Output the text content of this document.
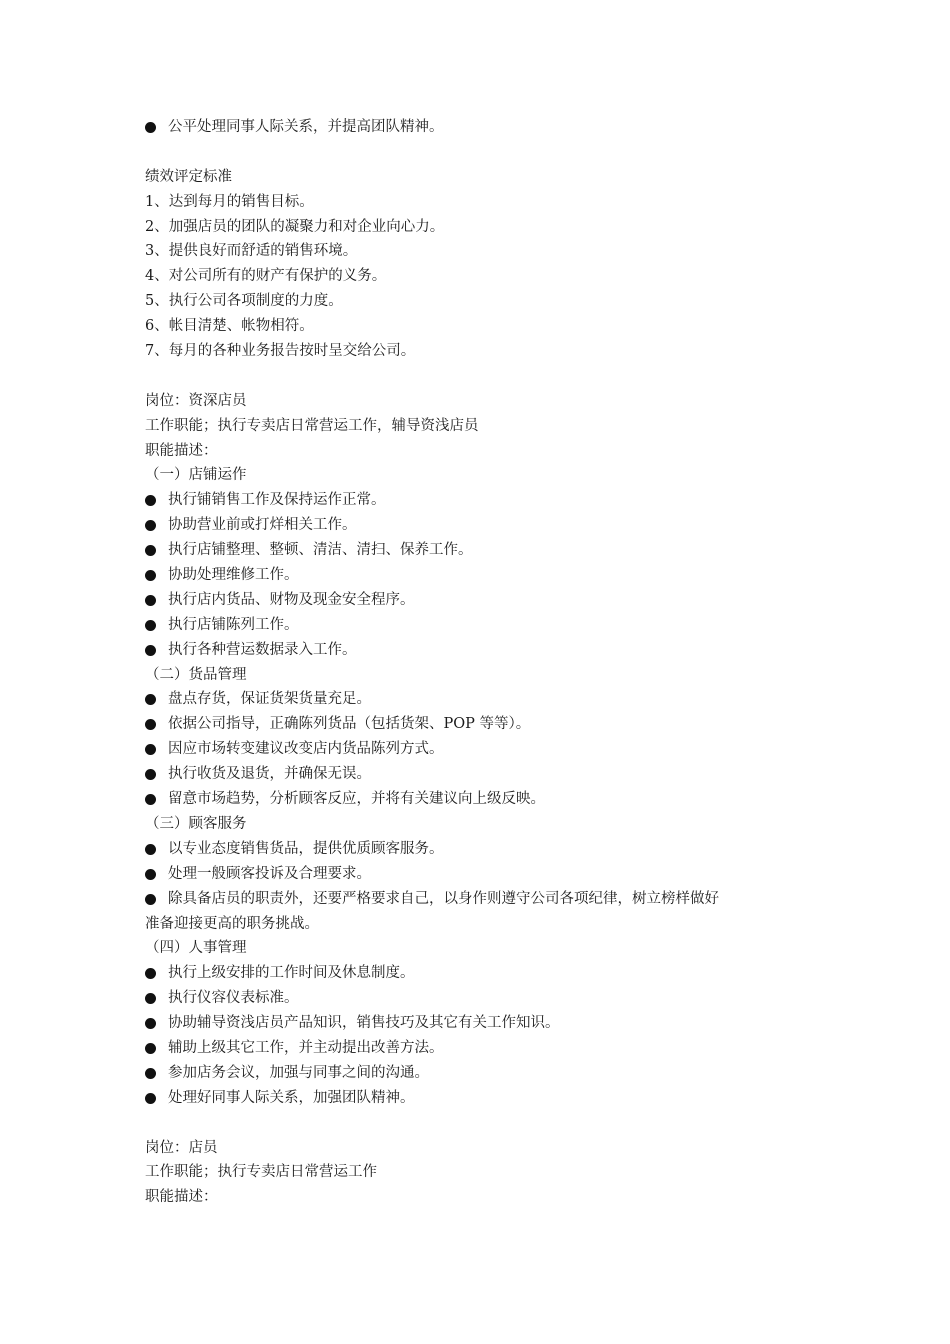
公平处理同事人际关系，并提高团队精神。
绩效评定标准
1、达到每月的销售目标。
2、加强店员的团队的凝聚力和对企业向心力。
3、提供良好而舒适的销售环境。
4、对公司所有的财产有保护的义务。
5、执行公司各项制度的力度。
6、帐目清楚、帐物相符。
7、每月的各种业务报告按时呈交给公司。
岗位：资深店员
工作职能；执行专卖店日常营运工作，辅导资浅店员
职能描述：
（一）店铺运作
执行铺销售工作及保持运作正常。
协助营业前或打烊相关工作。
执行店铺整理、整顿、清洁、清扫、保养工作。
协助处理维修工作。
执行店内货品、财物及现金安全程序。
执行店铺陈列工作。
执行各种营运数据录入工作。
（二）货品管理
盘点存货，保证货架货量充足。
依据公司指导，正确陈列货品（包括货架、POP 等等）。
因应市场转变建议改变店内货品陈列方式。
执行收货及退货，并确保无误。
留意市场趋势，分析顾客反应，并将有关建议向上级反映。
（三）顾客服务
以专业态度销售货品，提供优质顾客服务。
处理一般顾客投诉及合理要求。
除具备店员的职责外，还要严格要求自己，以身作则遵守公司各项纪律，树立榜样做好
准备迎接更高的职务挑战。
（四）人事管理
执行上级安排的工作时间及休息制度。
执行仪容仪表标准。
协助辅导资浅店员产品知识，销售技巧及其它有关工作知识。
辅助上级其它工作，并主动提出改善方法。
参加店务会议，加强与同事之间的沟通。
处理好同事人际关系，加强团队精神。
岗位：店员
工作职能；执行专卖店日常营运工作
职能描述：
